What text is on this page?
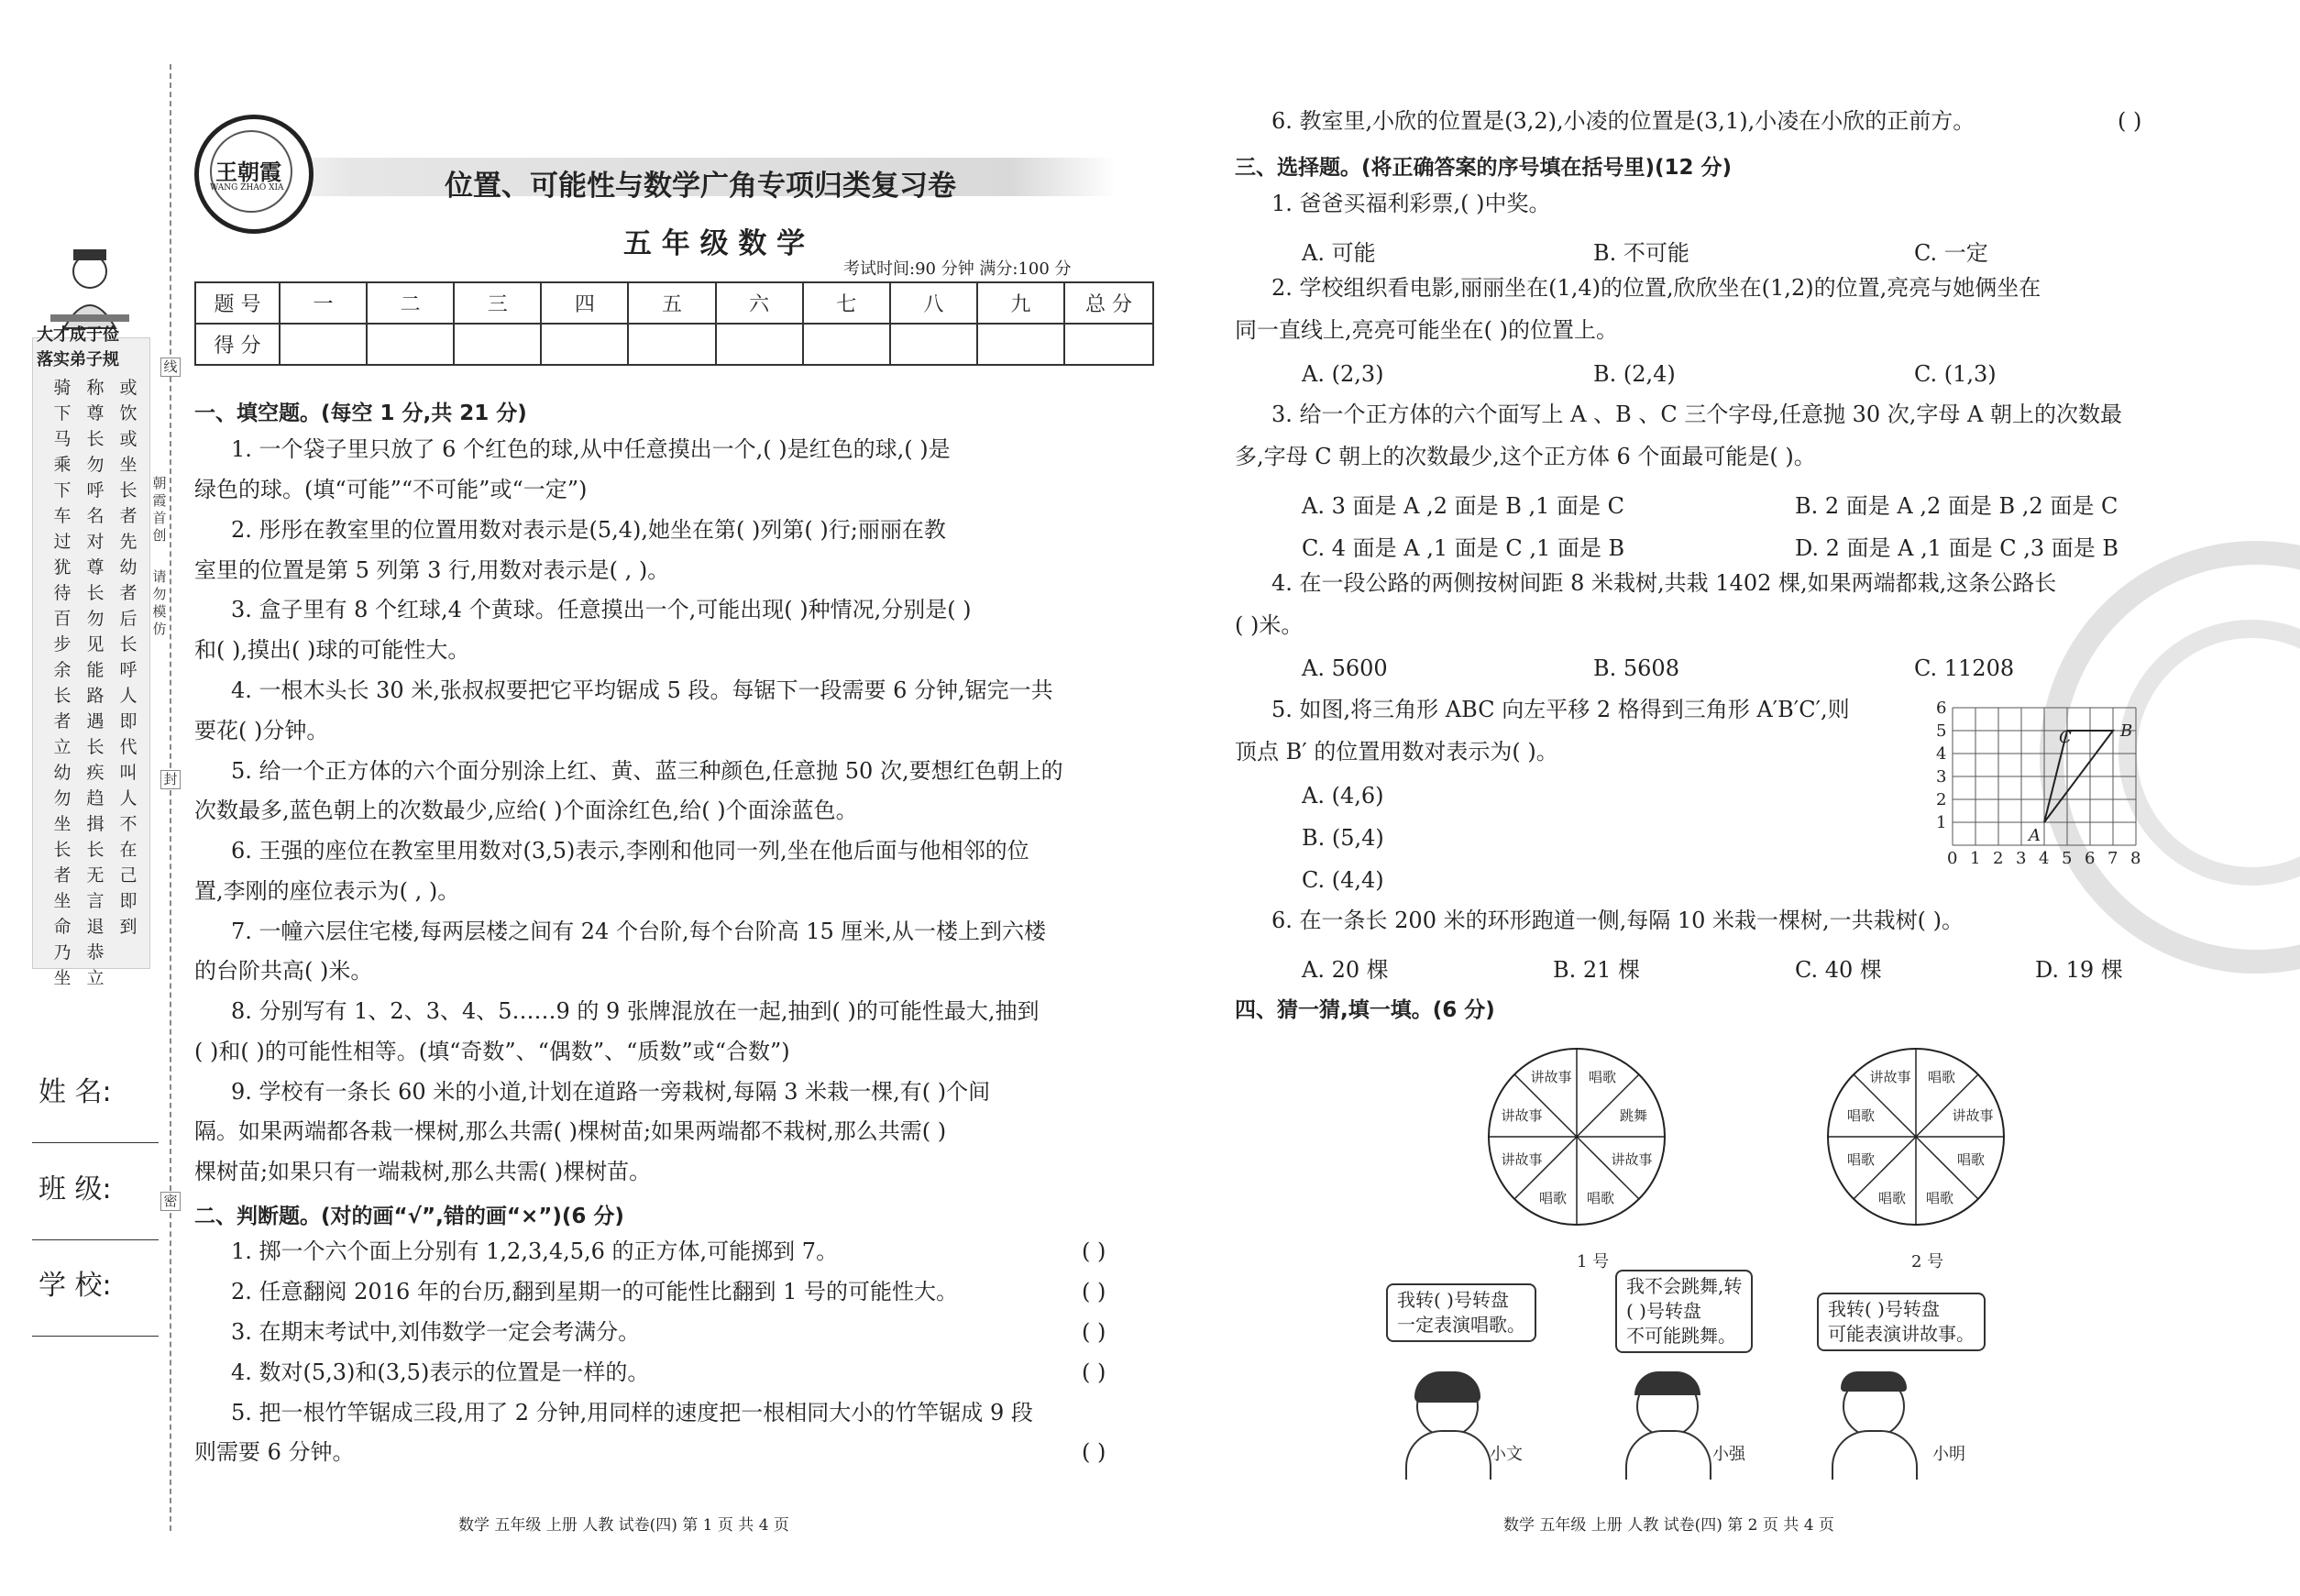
大才成于俭
落实弟子规
骑下马乘下车过犹待百步余长者立幼勿坐长者坐命乃坐
称尊长勿呼名对尊长勿见能路遇长疾趋揖长无言退恭立
或饮或坐长者先幼者后长呼人即代叫人不在己即到
朝霞首创
请勿模仿
线
封
密
姓 名:
班 级:
学 校:
王朝霞
WANG ZHAO XIA	位置、可能性与数学广角专项归类复习卷
五 年 级 数 学
考试时间:90 分钟 满分:100 分
题 号	一	二	三	四	五	六	七	八	九	总 分
得 分										
一、填空题。(每空 1 分,共 21 分)
1. 一个袋子里只放了 6 个红色的球,从中任意摸出一个,( )是红色的球,( )是
绿色的球。(填“可能”“不可能”或“一定”)
2. 彤彤在教室里的位置用数对表示是(5,4),她坐在第( )列第( )行;丽丽在教
室里的位置是第 5 列第 3 行,用数对表示是( , )。
3. 盒子里有 8 个红球,4 个黄球。任意摸出一个,可能出现( )种情况,分别是( )
和( ),摸出( )球的可能性大。
4. 一根木头长 30 米,张叔叔要把它平均锯成 5 段。每锯下一段需要 6 分钟,锯完一共
要花( )分钟。
5. 给一个正方体的六个面分别涂上红、黄、蓝三种颜色,任意抛 50 次,要想红色朝上的
次数最多,蓝色朝上的次数最少,应给( )个面涂红色,给( )个面涂蓝色。
6. 王强的座位在教室里用数对(3,5)表示,李刚和他同一列,坐在他后面与他相邻的位
置,李刚的座位表示为( , )。
7. 一幢六层住宅楼,每两层楼之间有 24 个台阶,每个台阶高 15 厘米,从一楼上到六楼
的台阶共高( )米。
8. 分别写有 1、2、3、4、5……9 的 9 张牌混放在一起,抽到( )的可能性最大,抽到
( )和( )的可能性相等。(填“奇数”、“偶数”、“质数”或“合数”)
9. 学校有一条长 60 米的小道,计划在道路一旁栽树,每隔 3 米栽一棵,有( )个间
隔。如果两端都各栽一棵树,那么共需( )棵树苗;如果两端都不栽树,那么共需( )
棵树苗;如果只有一端栽树,那么共需( )棵树苗。
二、判断题。(对的画“√”,错的画“×”)(6 分)
1. 掷一个六个面上分别有 1,2,3,4,5,6 的正方体,可能掷到 7。	( )
2. 任意翻阅 2016 年的台历,翻到星期一的可能性比翻到 1 号的可能性大。	( )
3. 在期末考试中,刘伟数学一定会考满分。	( )
4. 数对(5,3)和(3,5)表示的位置是一样的。	( )
5. 把一根竹竿锯成三段,用了 2 分钟,用同样的速度把一根相同大小的竹竿锯成 9 段
则需要 6 分钟。	( )
数学 五年级 上册 人教 试卷(四) 第 1 页 共 4 页
6. 教室里,小欣的位置是(3,2),小凌的位置是(3,1),小凌在小欣的正前方。	( )
三、选择题。(将正确答案的序号填在括号里)(12 分)
1. 爸爸买福利彩票,( )中奖。
A. 可能	B. 不可能	C. 一定
2. 学校组织看电影,丽丽坐在(1,4)的位置,欣欣坐在(1,2)的位置,亮亮与她俩坐在
同一直线上,亮亮可能坐在( )的位置上。
A. (2,3)	B. (2,4)	C. (1,3)
3. 给一个正方体的六个面写上 A 、B 、C 三个字母,任意抛 30 次,字母 A 朝上的次数最
多,字母 C 朝上的次数最少,这个正方体 6 个面最可能是( )。
A. 3 面是 A ,2 面是 B ,1 面是 C	B. 2 面是 A ,2 面是 B ,2 面是 C
C. 4 面是 A ,1 面是 C ,1 面是 B	D. 2 面是 A ,1 面是 C ,3 面是 B
4. 在一段公路的两侧按树间距 8 米栽树,共栽 1402 棵,如果两端都栽,这条公路长
( )米。
A. 5600	B. 5608	C. 11208
5. 如图,将三角形 ABC 向左平移 2 格得到三角形 A′B′C′,则
顶点 B′ 的位置用数对表示为( )。
A. (4,6)
B. (5,4)
C. (4,4)
0 1 2 3 4 5 6 7 8
1
2
3
4
5
6
A
B
C
6. 在一条长 200 米的环形跑道一侧,每隔 10 米栽一棵树,一共栽树( )。
A. 20 棵	B. 21 棵	C. 40 棵	D. 19 棵
四、猜一猜,填一填。(6 分)
唱歌
跳舞
讲故事
唱歌
唱歌
讲故事
讲故事
讲故事
1 号
唱歌
讲故事
唱歌
唱歌
唱歌
唱歌
唱歌
讲故事
2 号
我转( )号转盘
一定表演唱歌。
我不会跳舞,转
( )号转盘
不可能跳舞。
我转( )号转盘
可能表演讲故事。
小文	小强	小明
数学 五年级 上册 人教 试卷(四) 第 2 页 共 4 页
